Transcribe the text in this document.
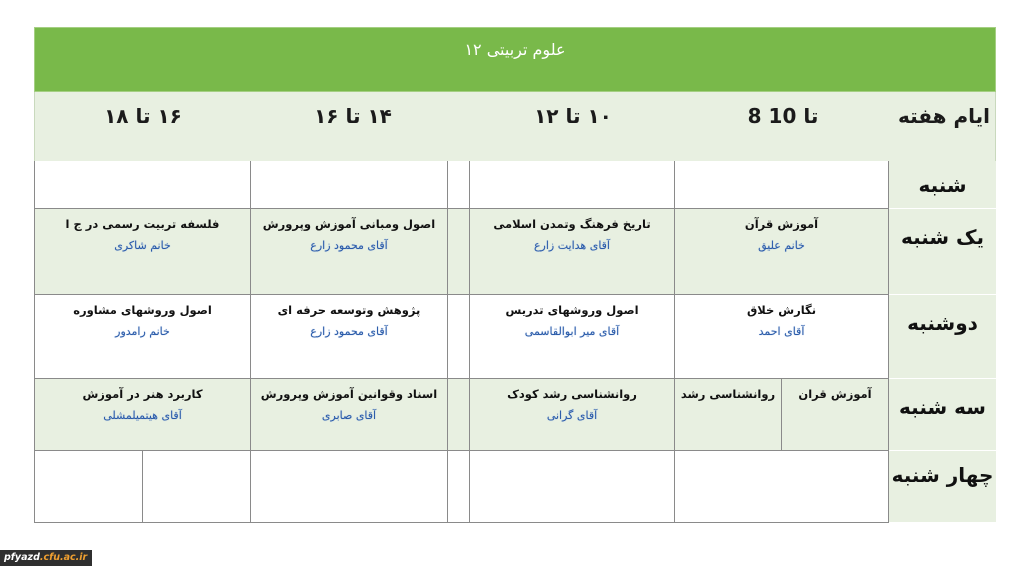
علوم تربیتی ۱۲
ایام هفته
8 تا 10
۱۰ تا ۱۲
۱۴ تا ۱۶
۱۶ تا ۱۸
شنبه
یک شنبه
دوشنبه
سه شنبه
چهار شنبه
فلسفه تربیت رسمی در ج ا
خانم شاکری
اصول ومبانی آموزش وپرورش
آقای محمود زارع
تاریخ فرهنگ وتمدن اسلامی
آقای هدایت زارع
آموزش قرآن
خانم علیق
اصول وروشهای مشاوره
خانم رامدور
پژوهش وتوسعه حرفه ای
آقای محمود زارع
اصول وروشهای تدریس
آقای میر ابوالقاسمی
نگارش خلاق
آقای احمد
کاربرد هنر در آموزش
آقای هیتمیلمشلی
اسناد وقوانین آموزش وپرورش
آقای صابری
روانشناسی رشد کودک
آقای گرانی
روانشناسی رشد	آموزش قران
pfyazd.cfu.ac.ir
